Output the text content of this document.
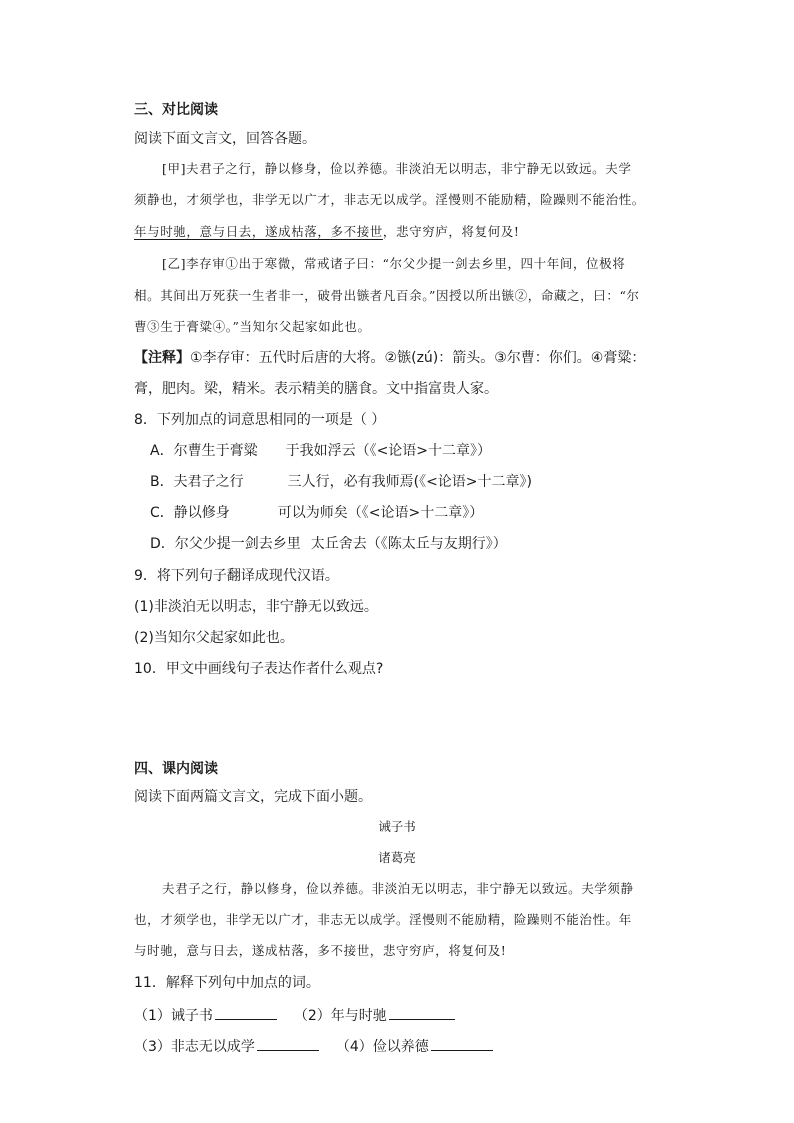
三、对比阅读
阅读下面文言文，回答各题。
[甲]夫君子之行，静以修身，俭以养德。非淡泊无以明志，非宁静无以致远。夫学
须静也，才须学也，非学无以广才，非志无以成学。淫慢则不能励精，险躁则不能治性。
年与时驰，意与日去，遂成枯落，多不接世，悲守穷庐，将复何及!
[乙]李存审①出于寒微，常戒诸子曰：“尔父少提一剑去乡里，四十年间，位极将
相。其间出万死获一生者非一，破骨出镞者凡百余。”因授以所出镞②，命藏之，曰：“尔
曹③生于膏粱④。”当知尔父起家如此也。
【注释】①李存审：五代时后唐的大将。②镞(zú)：箭头。③尔曹：你们。④膏粱：
膏，肥肉。梁，精米。表示精美的膳食。文中指富贵人家。
8．下列加点的词意思相同的一项是（ ）
A．尔曹生于膏粱 于我如浮云（《<论语>十二章》）
B．夫君子之行	三人行，必有我师焉(《<论语>十二章》)
C．静以修身	可以为师矣（《<论语>十二章》）
D．尔父少提一剑去乡里 太丘舍去（《陈太丘与友期行》）
9．将下列句子翻译成现代汉语。
(1)非淡泊无以明志，非宁静无以致远。
(2)当知尔父起家如此也。
10．甲文中画线句子表达作者什么观点?
四、课内阅读
阅读下面两篇文言文，完成下面小题。
诫子书
诸葛亮
夫君子之行，静以修身，俭以养德。非淡泊无以明志，非宁静无以致远。夫学须静
也，才须学也，非学无以广才，非志无以成学。淫慢则不能励精，险躁则不能治性。年
与时驰，意与日去，遂成枯落，多不接世，悲守穷庐，将复何及!
11．解释下列句中加点的词。
（1）诫子书	（2）年与时驰
（3）非志无以成学	（4）俭以养德
